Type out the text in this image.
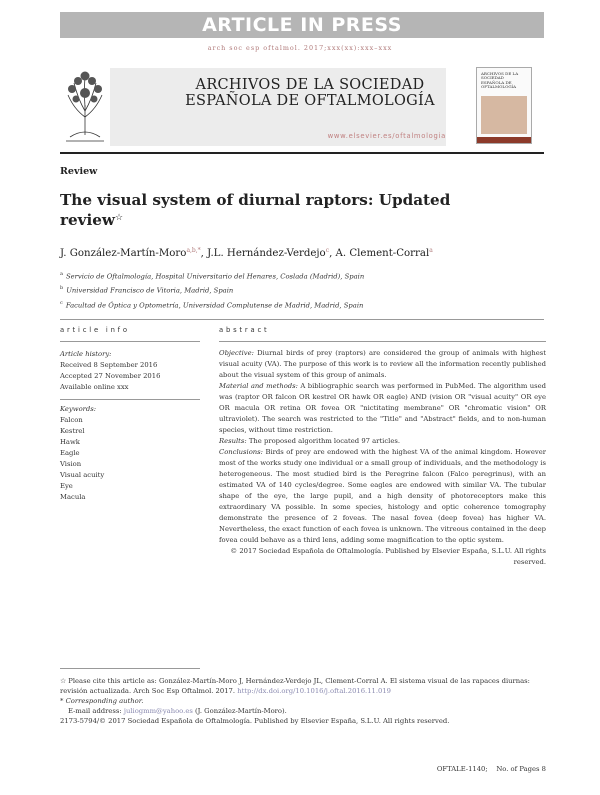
ARTICLE IN PRESS
arch soc esp oftalmol. 2017;xxx(xx):xxx–xxx
ARCHIVOS DE LA SOCIEDAD
ESPAÑOLA DE OFTALMOLOGÍA
www.elsevier.es/oftalmologia
ARCHIVOS DE LA SOCIEDAD ESPAÑOLA DE OFTALMOLOGÍA
Review
The visual system of diurnal raptors: Updated review☆
J. González-Martín-Moro$^{a,b,*}$, J.L. Hernández-Verdejo$^c$, A. Clement-Corral$^a$
$^a$ Servicio de Oftalmología, Hospital Universitario del Henares, Coslada (Madrid), Spain
$^b$ Universidad Francisco de Vitoria, Madrid, Spain
$^c$ Facultad de Óptica y Optometría, Universidad Complutense de Madrid, Madrid, Spain
article info	abstract
Article history:
Received 8 September 2016
Accepted 27 November 2016
Available online xxx
Keywords:
Falcon
Kestrel
Hawk
Eagle
Vision
Visual acuity
Eye
Macula

Objective: Diurnal birds of prey (raptors) are considered the group of animals with highest visual acuity (VA). The purpose of this work is to review all the information recently published about the visual system of this group of animals.

Material and methods: A bibliographic search was performed in PubMed. The algorithm used was (raptor OR falcon OR kestrel OR hawk OR eagle) AND (vision OR "visual acuity" OR eye OR macula OR retina OR fovea OR "nictitating membrane" OR "chromatic vision" OR ultraviolet). The search was restricted to the "Title" and "Abstract" fields, and to non-human species, without time restriction.

Results: The proposed algorithm located 97 articles.

Conclusions: Birds of prey are endowed with the highest VA of the animal kingdom. However most of the works study one individual or a small group of individuals, and the methodology is heterogeneous. The most studied bird is the Peregrine falcon (Falco peregrinus), with an estimated VA of 140 cycles/degree. Some eagles are endowed with similar VA. The tubular shape of the eye, the large pupil, and a high density of photoreceptors make this extraordinary VA possible. In some species, histology and optic coherence tomography demonstrate the presence of 2 foveas. The nasal fovea (deep fovea) has higher VA. Nevertheless, the exact function of each fovea is unknown. The vitreous contained in the deep fovea could behave as a third lens, adding some magnification to the optic system.

© 2017 Sociedad Española de Oftalmología. Published by Elsevier España, S.L.U. All rights reserved.

☆ Please cite this article as: González-Martín-Moro J, Hernández-Verdejo JL, Clement-Corral A. El sistema visual de las rapaces diurnas: revisión actualizada. Arch Soc Esp Oftalmol. 2017. http://dx.doi.org/10.1016/j.oftal.2016.11.019

* Corresponding author.

E-mail address: juliogmm@yahoo.es (J. González-Martín-Moro).

2173-5794/© 2017 Sociedad Española de Oftalmología. Published by Elsevier España, S.L.U. All rights reserved.

OFTALE-1140;    No. of Pages 8
